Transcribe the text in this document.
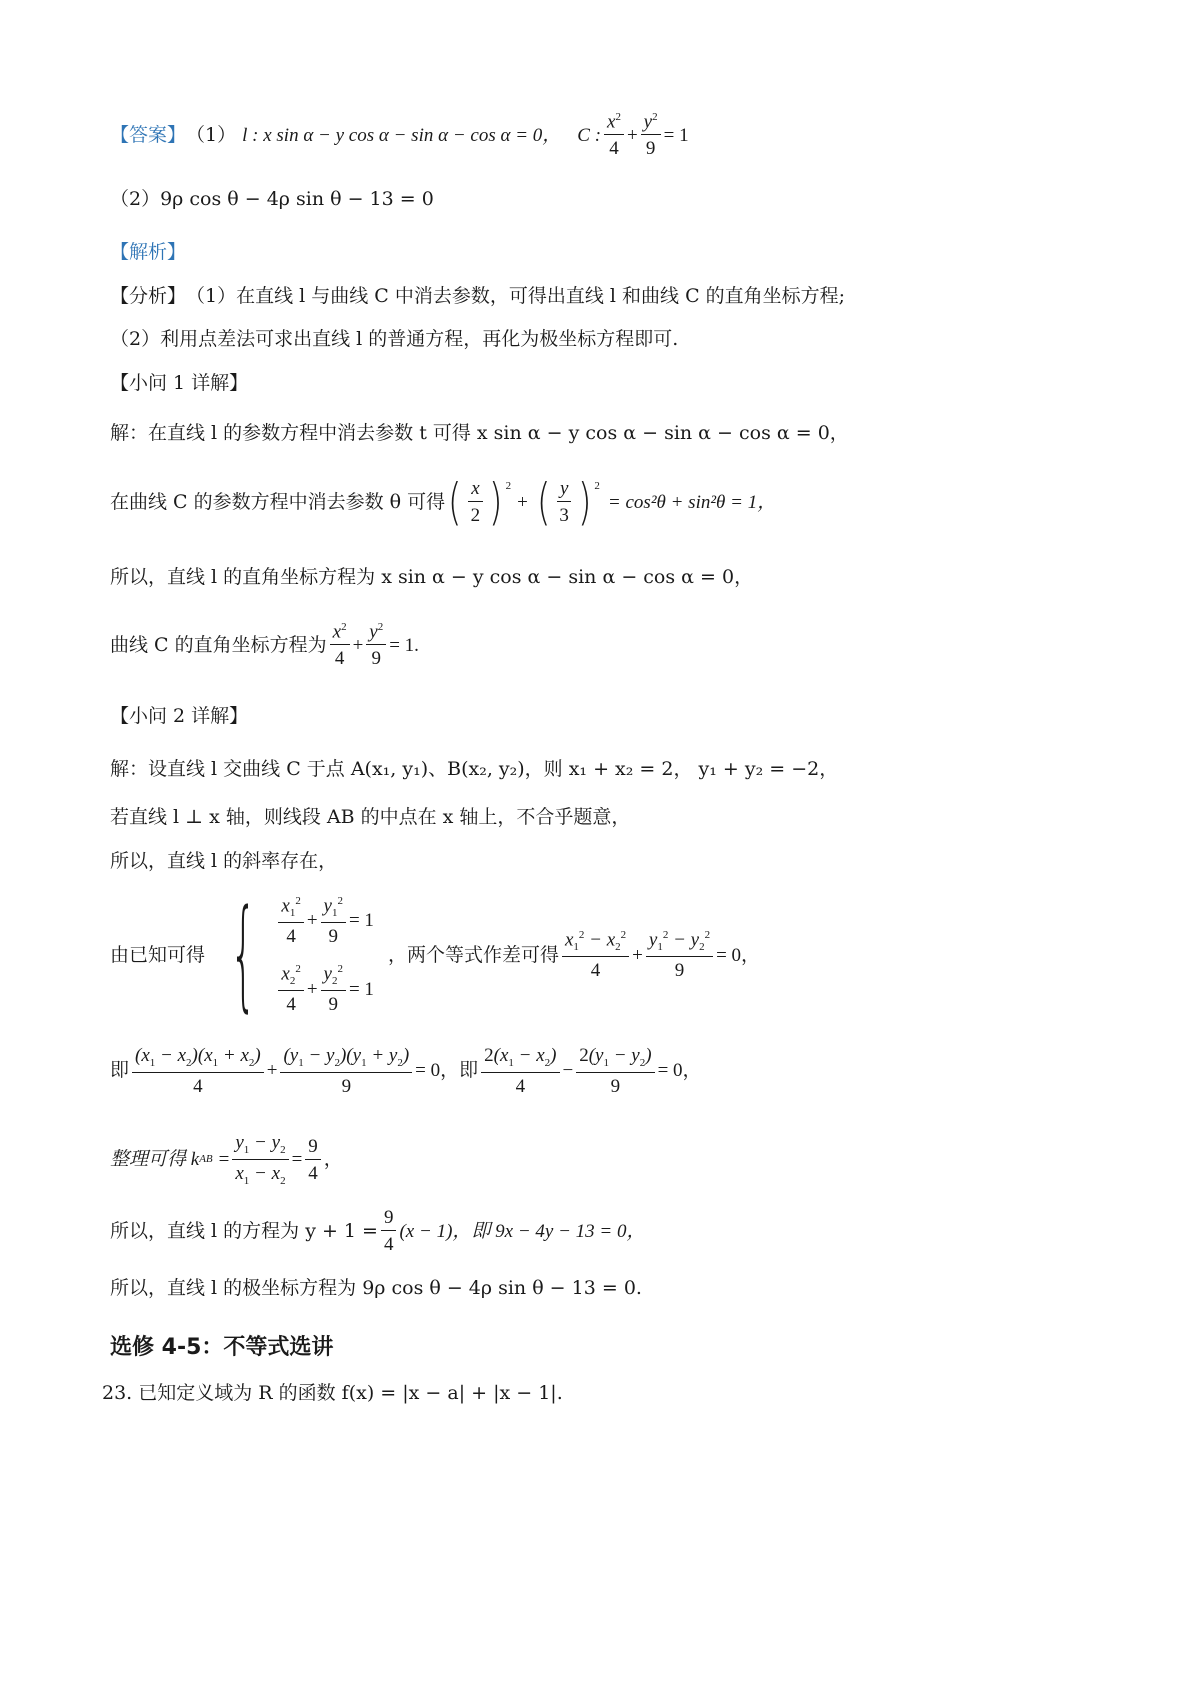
【答案】 （1） l : x sin α − y cos α − sin α − cos α = 0， C : $\frac{x^2}{4} + \frac{y^2}{9} = 1$
（2）9ρ cos θ − 4ρ sin θ − 13 = 0
【解析】
【分析】 （1）在直线 l 与曲线 C 中消去参数，可得出直线 l 和曲线 C 的直角坐标方程;
（2）利用点差法可求出直线 l 的普通方程，再化为极坐标方程即可.
【小问 1 详解】
解：在直线 l 的参数方程中消去参数 t 可得 x sin α − y cos α − sin α − cos α = 0，
在曲线 C 的参数方程中消去参数 θ 可得 ( $\frac{x}{2}$ ) $^2$
+ ( $\frac{y}{3}$ ) $^2$
= cos²θ + sin²θ = 1，
所以，直线 l 的直角坐标方程为 x sin α − y cos α − sin α − cos α = 0，
曲线 C 的直角坐标方程为 $\frac{x^2}{4} + \frac{y^2}{9} = 1$.
【小问 2 详解】
解：设直线 l 交曲线 C 于点 A(x₁, y₁)、B(x₂, y₂)，则 x₁ + x₂ = 2， y₁ + y₂ = −2，
若直线 l ⊥ x 轴，则线段 AB 的中点在 x 轴上，不合乎题意，
所以，直线 l 的斜率存在，
由已知可得 { $\frac{x_1^2}{4} + \frac{y_1^2}{9} = 1$
$\frac{x_2^2}{4} + \frac{y_2^2}{9} = 1$
，两个等式作差可得 $\frac{x_1^2 - x_2^2}{4} + \frac{y_1^2 - y_2^2}{9} = 0$，
即 $\frac{(x_1 - x_2)(x_1 + x_2)}{4} + \frac{(y_1 - y_2)(y_1 + y_2)}{9} = 0$，即 $\frac{2(x_1 - x_2)}{4} - \frac{2(y_1 - y_2)}{9} = 0$，
整理可得 k AB = $\frac{y_1 - y_2}{x_1 - x_2} = \frac{9}{4}$ ，
所以，直线 l 的方程为 $y + 1 = \frac{9}{4} (x - 1)$，即 9x − 4y − 13 = 0，
所以，直线 l 的极坐标方程为 9ρ cos θ − 4ρ sin θ − 13 = 0.
选修 4-5：不等式选讲
23. 已知定义域为 R 的函数 f(x) = |x − a| + |x − 1|.
